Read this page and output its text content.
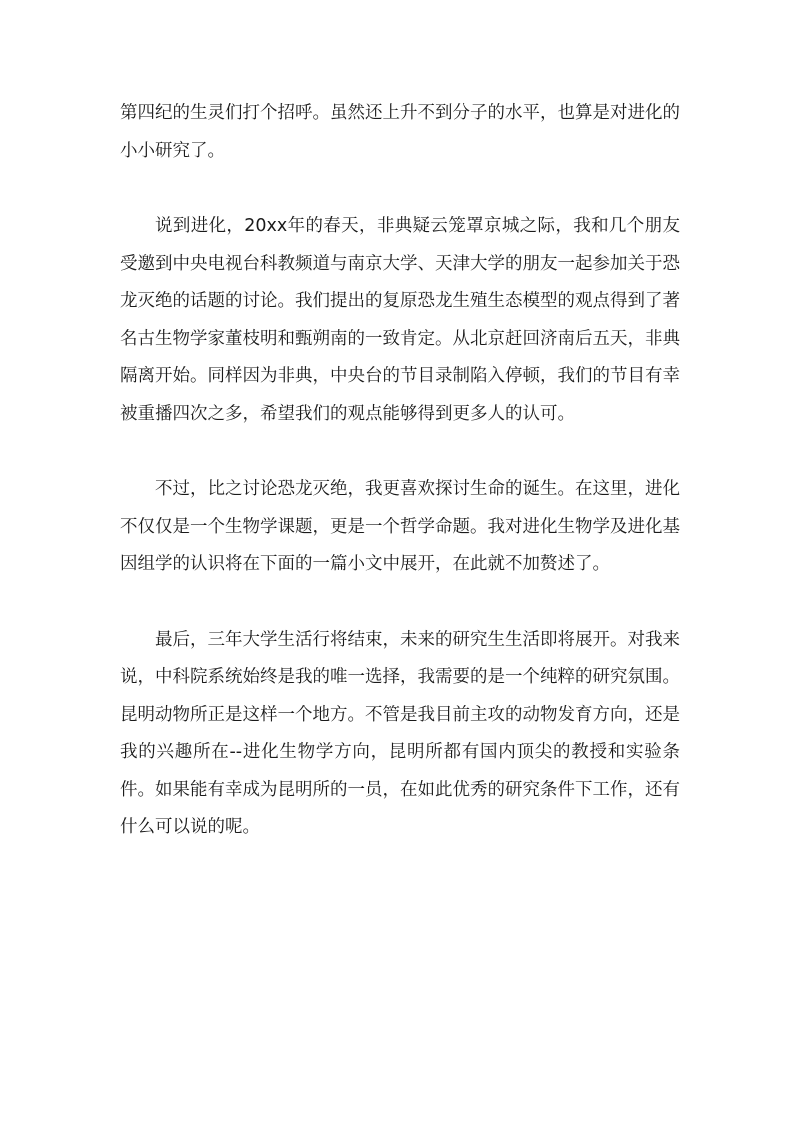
第四纪的生灵们打个招呼。虽然还上升不到分子的水平，也算是对进化的小小研究了。

说到进化，20xx年的春天，非典疑云笼罩京城之际，我和几个朋友受邀到中央电视台科教频道与南京大学、天津大学的朋友一起参加关于恐龙灭绝的话题的讨论。我们提出的复原恐龙生殖生态模型的观点得到了著名古生物学家董枝明和甄朔南的一致肯定。从北京赶回济南后五天，非典隔离开始。同样因为非典，中央台的节目录制陷入停顿，我们的节目有幸被重播四次之多，希望我们的观点能够得到更多人的认可。

不过，比之讨论恐龙灭绝，我更喜欢探讨生命的诞生。在这里，进化不仅仅是一个生物学课题，更是一个哲学命题。我对进化生物学及进化基因组学的认识将在下面的一篇小文中展开，在此就不加赘述了。

最后，三年大学生活行将结束，未来的研究生生活即将展开。对我来说，中科院系统始终是我的唯一选择，我需要的是一个纯粹的研究氛围。昆明动物所正是这样一个地方。不管是我目前主攻的动物发育方向，还是我的兴趣所在--进化生物学方向，昆明所都有国内顶尖的教授和实验条件。如果能有幸成为昆明所的一员，在如此优秀的研究条件下工作，还有什么可以说的呢。
